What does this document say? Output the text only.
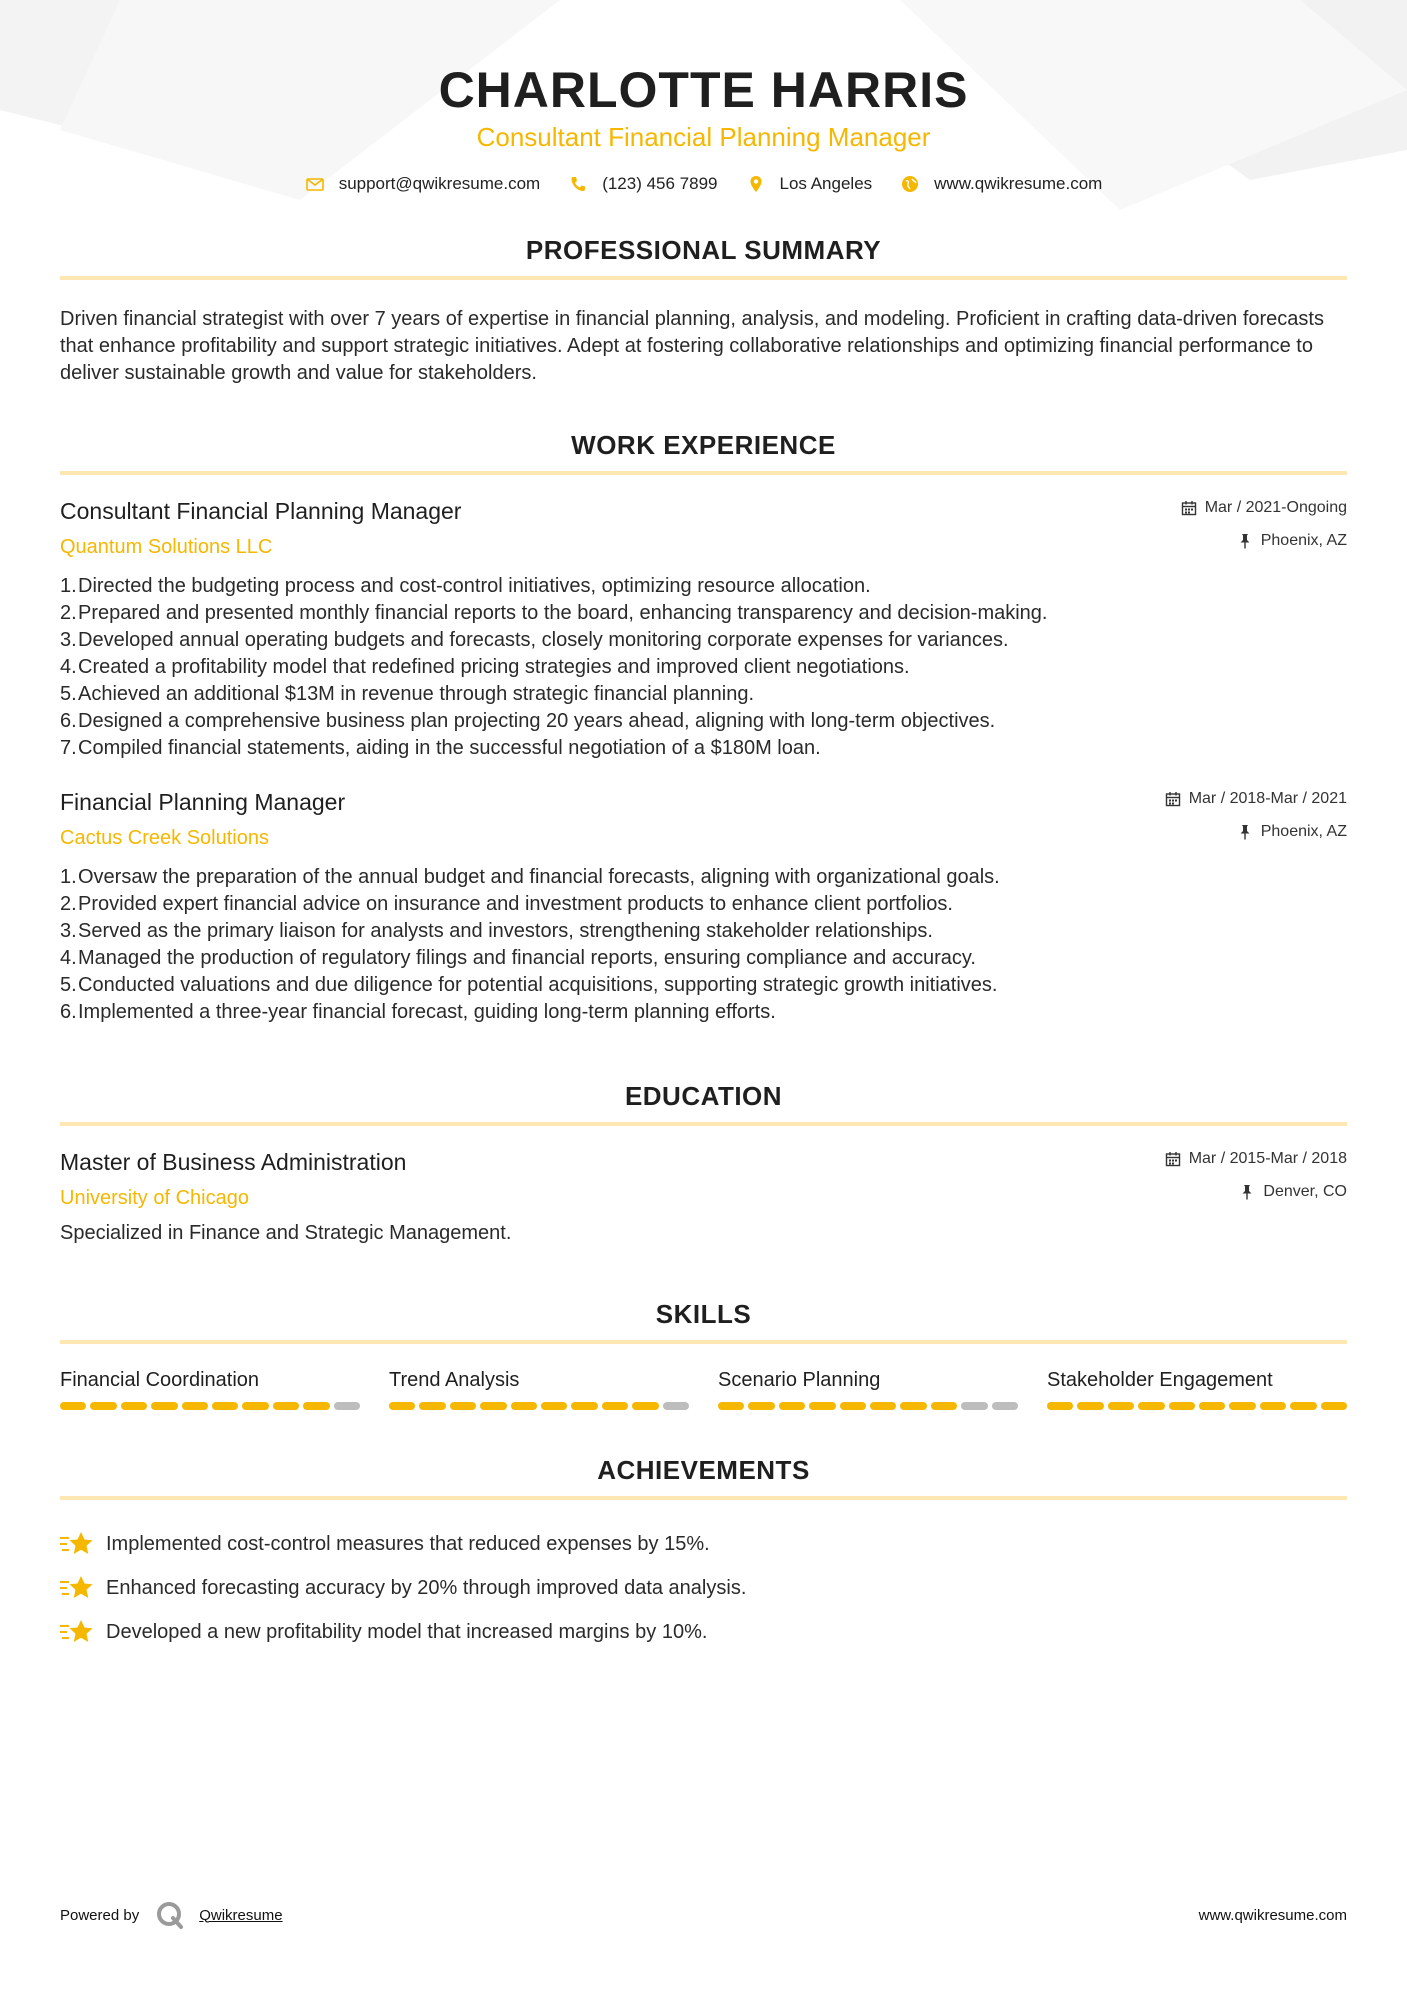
CHARLOTTE HARRIS
Consultant Financial Planning Manager
support@qwikresume.com	(123) 456 7899	Los Angeles	www.qwikresume.com
PROFESSIONAL SUMMARY

Driven financial strategist with over 7 years of expertise in financial planning, analysis, and modeling. Proficient in crafting data-driven forecasts that enhance profitability and support strategic initiatives. Adept at fostering collaborative relationships and optimizing financial performance to deliver sustainable growth and value for stakeholders.

WORK EXPERIENCE
Consultant Financial Planning Manager
Quantum Solutions LLC
Mar / 2021-Ongoing
Phoenix, AZ
1. Directed the budgeting process and cost-control initiatives, optimizing resource allocation.
2. Prepared and presented monthly financial reports to the board, enhancing transparency and decision-making.
3. Developed annual operating budgets and forecasts, closely monitoring corporate expenses for variances.
4. Created a profitability model that redefined pricing strategies and improved client negotiations.
5. Achieved an additional $13M in revenue through strategic financial planning.
6. Designed a comprehensive business plan projecting 20 years ahead, aligning with long-term objectives.
7. Compiled financial statements, aiding in the successful negotiation of a $180M loan.
Financial Planning Manager
Cactus Creek Solutions
Mar / 2018-Mar / 2021
Phoenix, AZ
1. Oversaw the preparation of the annual budget and financial forecasts, aligning with organizational goals.
2. Provided expert financial advice on insurance and investment products to enhance client portfolios.
3. Served as the primary liaison for analysts and investors, strengthening stakeholder relationships.
4. Managed the production of regulatory filings and financial reports, ensuring compliance and accuracy.
5. Conducted valuations and due diligence for potential acquisitions, supporting strategic growth initiatives.
6. Implemented a three-year financial forecast, guiding long-term planning efforts.
EDUCATION
Master of Business Administration
University of Chicago
Mar / 2015-Mar / 2018
Denver, CO

Specialized in Finance and Strategic Management.

SKILLS
Financial Coordination	Trend Analysis	Scenario Planning	Stakeholder Engagement
ACHIEVEMENTS
Implemented cost-control measures that reduced expenses by 15%.
Enhanced forecasting accuracy by 20% through improved data analysis.
Developed a new profitability model that increased margins by 10%.
Powered by	Qwikresume	www.qwikresume.com
